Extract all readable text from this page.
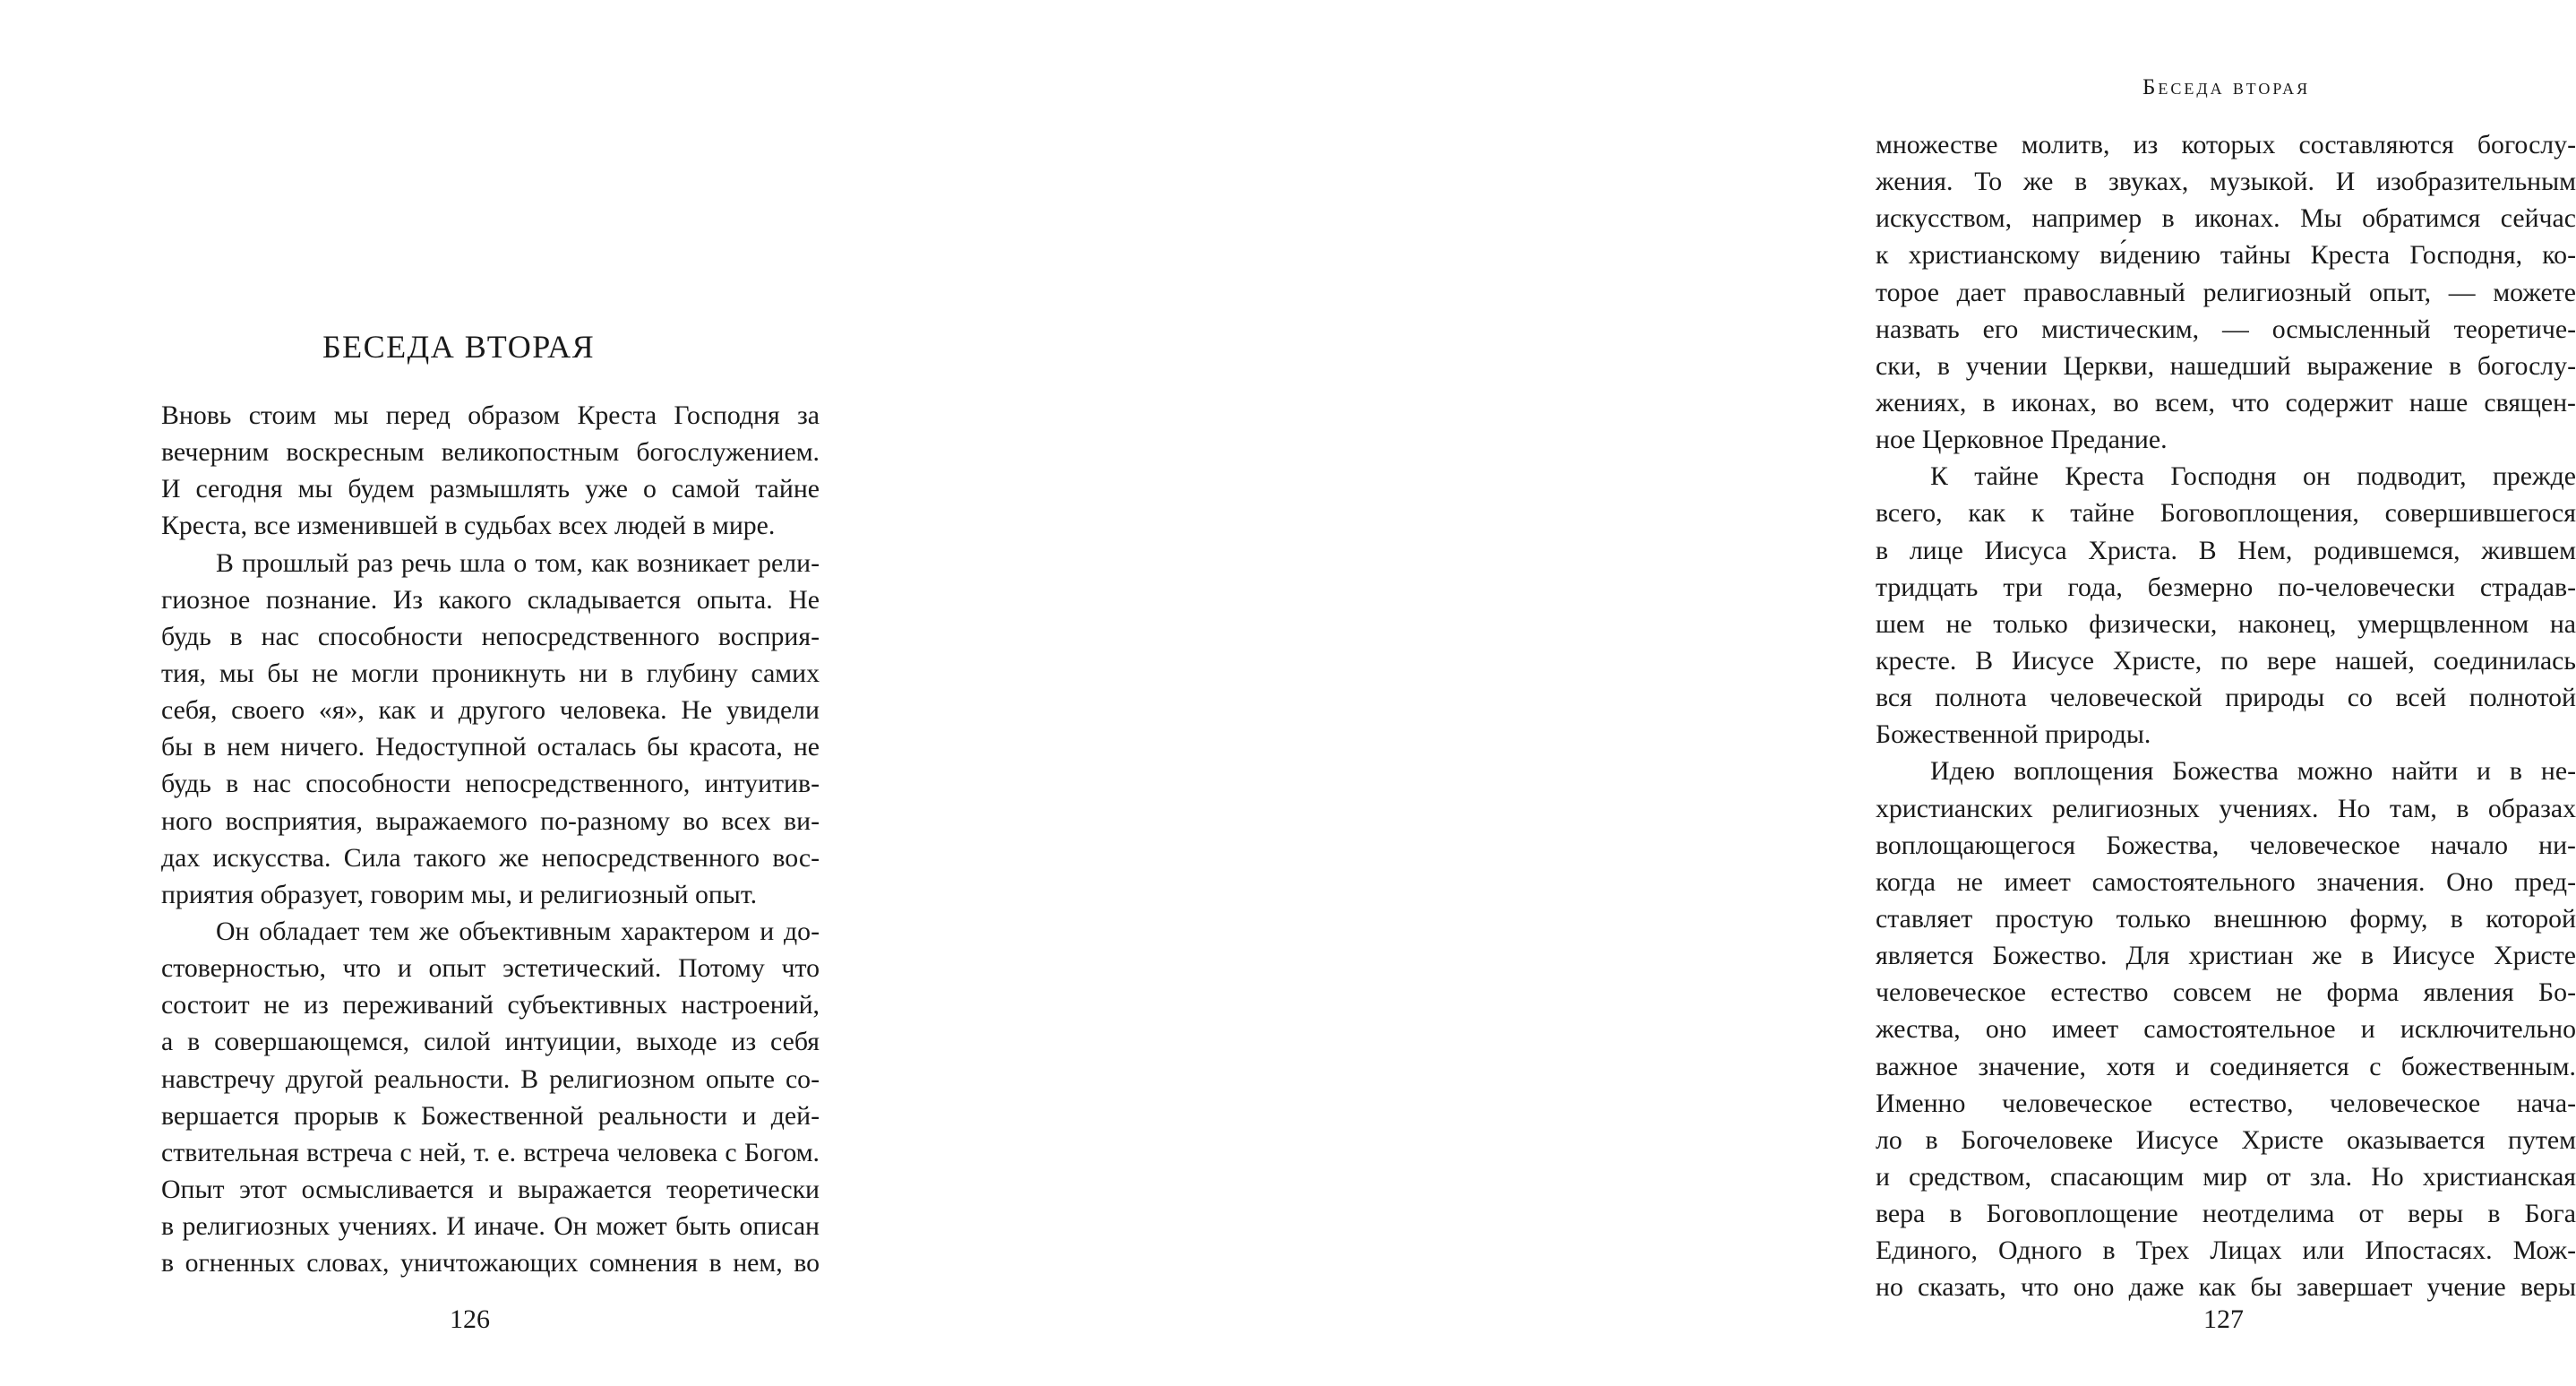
БЕСЕДА ВТОРАЯ
Вновь стоим мы перед образом Креста Господня за
вечерним воскресным великопостным богослужением.
И сегодня мы будем размышлять уже о самой тайне
Креста, все изменившей в судьбах всех людей в мире.
В прошлый раз речь шла о том, как возникает рели-
гиозное познание. Из какого складывается опыта. Не
будь в нас способности непосредственного восприя-
тия, мы бы не могли проникнуть ни в глубину самих
себя, своего «я», как и другого человека. Не увидели
бы в нем ничего. Недоступной осталась бы красота, не
будь в нас способности непосредственного, интуитив-
ного восприятия, выражаемого по-разному во всех ви-
дах искусства. Сила такого же непосредственного вос-
приятия образует, говорим мы, и религиозный опыт.
Он обладает тем же объективным характером и до-
стоверностью, что и опыт эстетический. Потому что
состоит не из переживаний субъективных настроений,
а в совершающемся, силой интуиции, выходе из себя
навстречу другой реальности. В религиозном опыте со-
вершается прорыв к Божественной реальности и дей-
ствительная встреча с ней, т. е. встреча человека с Богом.
Опыт этот осмысливается и выражается теоретически
в религиозных учениях. И иначе. Он может быть описан
в огненных словах, уничтожающих сомнения в нем, во
126
Беседа вторая
множестве молитв, из которых составляются богослу-
жения. То же в звуках, музыкой. И изобразительным
искусством, например в иконах. Мы обратимся сейчас
к христианскому ви́дению тайны Креста Господня, ко-
торое дает православный религиозный опыт, — можете
назвать его мистическим, — осмысленный теоретиче-
ски, в учении Церкви, нашедший выражение в богослу-
жениях, в иконах, во всем, что содержит наше священ-
ное Церковное Предание.
К тайне Креста Господня он подводит, прежде
всего, как к тайне Боговоплощения, совершившегося
в лице Иисуса Христа. В Нем, родившемся, жившем
тридцать три года, безмерно по-человечески страдав-
шем не только физически, наконец, умерщвленном на
кресте. В Иисусе Христе, по вере нашей, соединилась
вся полнота человеческой природы со всей полнотой
Божественной природы.
Идею воплощения Божества можно найти и в не-
христианских религиозных учениях. Но там, в образах
воплощающегося Божества, человеческое начало ни-
когда не имеет самостоятельного значения. Оно пред-
ставляет простую только внешнюю форму, в которой
является Божество. Для христиан же в Иисусе Христе
человеческое естество совсем не форма явления Бо-
жества, оно имеет самостоятельное и исключительно
важное значение, хотя и соединяется с божественным.
Именно человеческое естество, человеческое нача-
ло в Богочеловеке Иисусе Христе оказывается путем
и средством, спасающим мир от зла. Но христианская
вера в Боговоплощение неотделима от веры в Бога
Единого, Одного в Трех Лицах или Ипостасях. Мож-
но сказать, что оно даже как бы завершает учение веры
127
